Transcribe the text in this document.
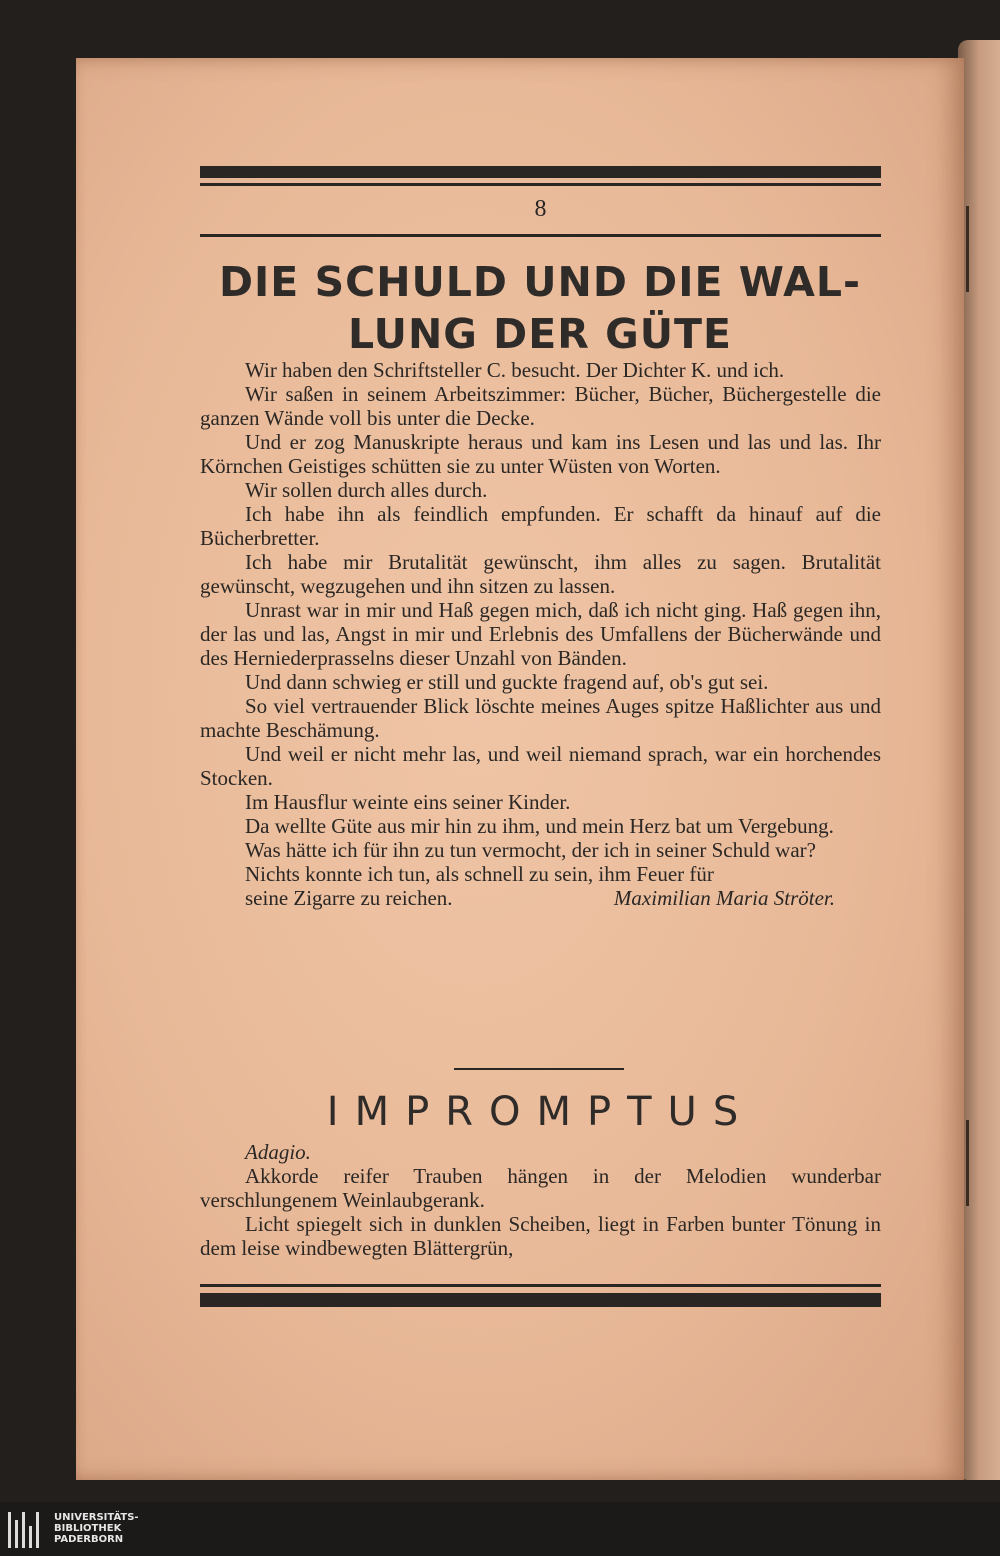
8
DIE SCHULD UND DIE WAL-
LUNG DER GÜTE

Wir haben den Schriftsteller C. besucht. Der Dichter K. und ich.

Wir saßen in seinem Arbeitszimmer: Bücher, Bücher, Büchergestelle die ganzen Wände voll bis unter die Decke.

Und er zog Manuskripte heraus und kam ins Lesen und las und las. Ihr Körnchen Geistiges schütten sie zu unter Wüsten von Worten.

Wir sollen durch alles durch.

Ich habe ihn als feindlich empfunden. Er schafft da hinauf auf die Bücherbretter.

Ich habe mir Brutalität gewünscht, ihm alles zu sagen. Brutalität gewünscht, wegzugehen und ihn sitzen zu lassen.

Unrast war in mir und Haß gegen mich, daß ich nicht ging. Haß gegen ihn, der las und las, Angst in mir und Erlebnis des Umfallens der Bücherwände und des Herniederprasselns dieser Unzahl von Bänden.

Und dann schwieg er still und guckte fragend auf, ob's gut sei.

So viel vertrauender Blick löschte meines Auges spitze Haßlichter aus und machte Beschämung.

Und weil er nicht mehr las, und weil niemand sprach, war ein horchendes Stocken.

Im Hausflur weinte eins seiner Kinder.

Da wellte Güte aus mir hin zu ihm, und mein Herz bat um Vergebung.

Was hätte ich für ihn zu tun vermocht, der ich in seiner Schuld war?

Nichts konnte ich tun, als schnell zu sein, ihm Feuer für

seine Zigarre zu reichen.	Maximilian Maria Ströter.

IMPROMPTUS

Adagio.

Akkorde reifer Trauben hängen in der Melodien wunderbar verschlungenem Weinlaubgerank.

Licht spiegelt sich in dunklen Scheiben, liegt in Farben bunter Tönung in dem leise windbewegten Blättergrün,

UNIVERSITÄTS-
BIBLIOTHEK
PADERBORN
